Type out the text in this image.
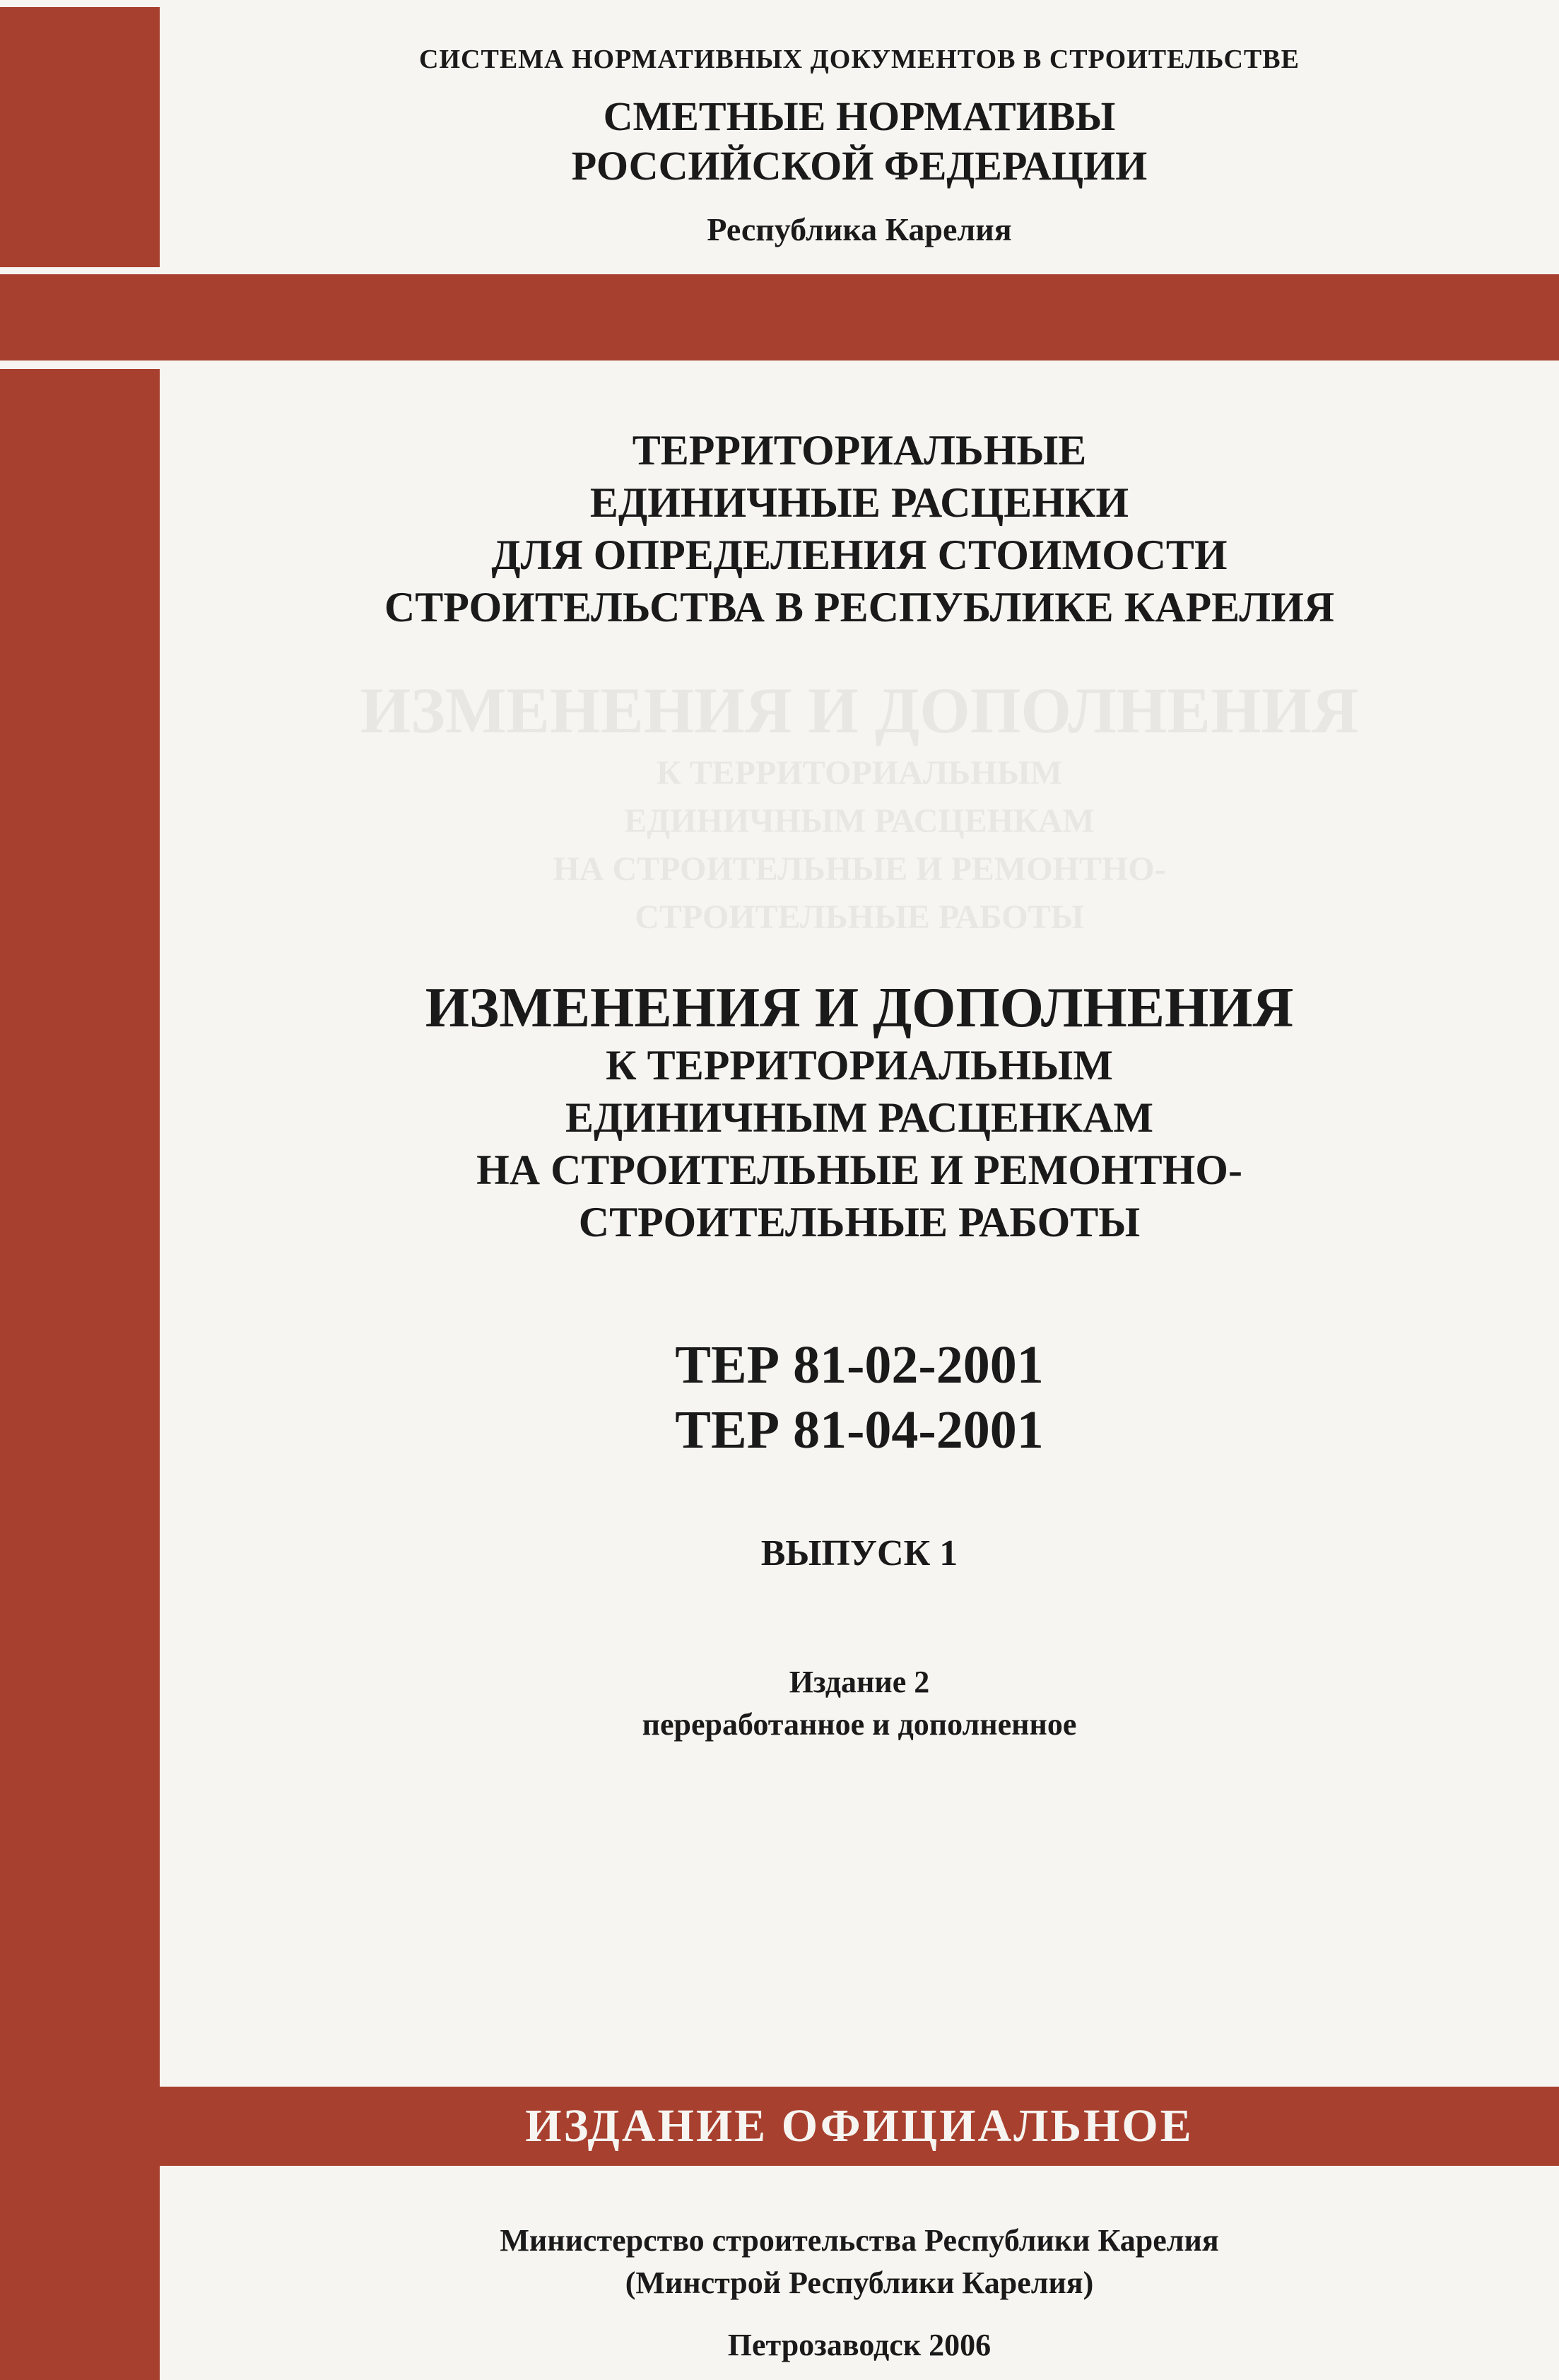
СИСТЕМА НОРМАТИВНЫХ ДОКУМЕНТОВ В СТРОИТЕЛЬСТВЕ
СМЕТНЫЕ НОРМАТИВЫ
РОССИЙСКОЙ ФЕДЕРАЦИИ
Республика Карелия
ТЕРРИТОРИАЛЬНЫЕ
ЕДИНИЧНЫЕ РАСЦЕНКИ
ДЛЯ ОПРЕДЕЛЕНИЯ СТОИМОСТИ
СТРОИТЕЛЬСТВА В РЕСПУБЛИКЕ КАРЕЛИЯ
ИЗМЕНЕНИЯ И ДОПОЛНЕНИЯ
К ТЕРРИТОРИАЛЬНЫМ
ЕДИНИЧНЫМ РАСЦЕНКАМ
НА СТРОИТЕЛЬНЫЕ И РЕМОНТНО-
СТРОИТЕЛЬНЫЕ РАБОТЫ
ИЗМЕНЕНИЯ И ДОПОЛНЕНИЯ
К ТЕРРИТОРИАЛЬНЫМ
ЕДИНИЧНЫМ РАСЦЕНКАМ
НА СТРОИТЕЛЬНЫЕ И РЕМОНТНО-
СТРОИТЕЛЬНЫЕ РАБОТЫ
ТЕР 81-02-2001
ТЕР 81-04-2001
ВЫПУСК 1
Издание 2
переработанное и дополненное
ИЗДАНИЕ ОФИЦИАЛЬНОЕ
Министерство строительства Республики Карелия
(Минстрой Республики Карелия)
Петрозаводск 2006
